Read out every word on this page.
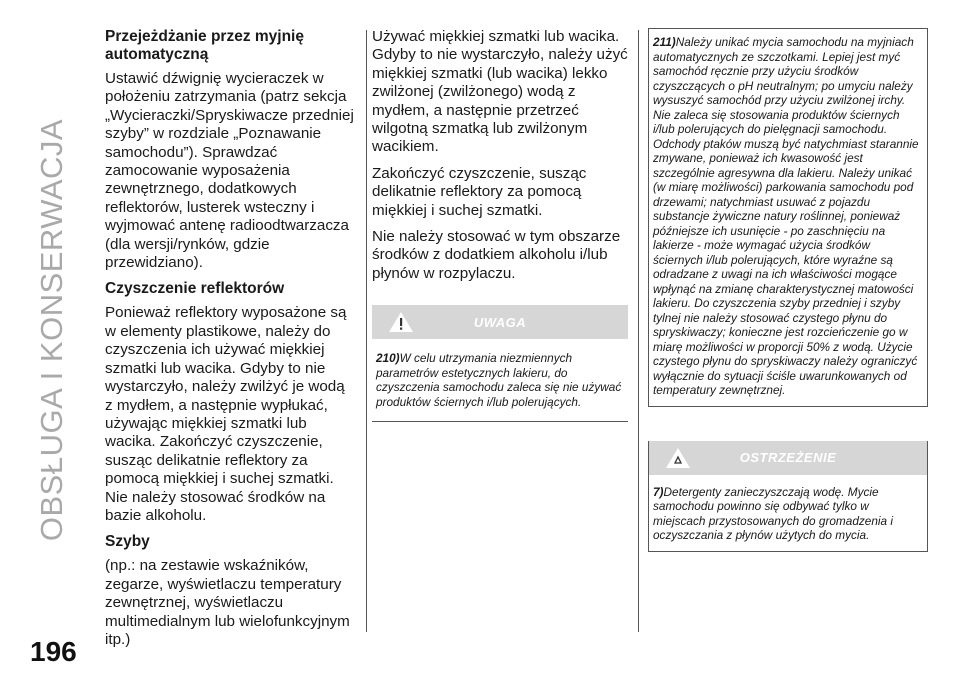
OBSŁUGA I KONSERWACJA
196
Przejeżdżanie przez myjnię automatyczną

Ustawić dźwignię wycieraczek w położeniu zatrzymania (patrz sekcja „Wycieraczki/Spryskiwacze przedniej szyby” w rozdziale „Poznawanie samochodu”). Sprawdzać zamocowanie wyposażenia zewnętrznego, dodatkowych reflektorów, lusterek wsteczny i wyjmować antenę radioodtwarzacza (dla wersji/rynków, gdzie przewidziano).

Czyszczenie reflektorów

Ponieważ reflektory wyposażone są w elementy plastikowe, należy do czyszczenia ich używać miękkiej szmatki lub wacika. Gdyby to nie wystarczyło, należy zwilżyć je wodą z mydłem, a następnie wypłukać, używając miękkiej szmatki lub wacika. Zakończyć czyszczenie, susząc delikatnie reflektory za pomocą miękkiej i suchej szmatki. Nie należy stosować środków na bazie alkoholu.

Szyby

(np.: na zestawie wskaźników, zegarze, wyświetlaczu temperatury zewnętrznej, wyświetlaczu multimedialnym lub wielofunkcyjnym itp.)

Używać miękkiej szmatki lub wacika. Gdyby to nie wystarczyło, należy użyć miękkiej szmatki (lub wacika) lekko zwilżonej (zwilżonego) wodą z mydłem, a następnie przetrzeć wilgotną szmatką lub zwilżonym wacikiem.

Zakończyć czyszczenie, susząc delikatnie reflektory za pomocą miękkiej i suchej szmatki.

Nie należy stosować w tym obszarze środków z dodatkiem alkoholu i/lub płynów w rozpylaczu.

UWAGA

210)W celu utrzymania niezmiennych parametrów estetycznych lakieru, do czyszczenia samochodu zaleca się nie używać produktów ściernych i/lub polerujących.

211)Należy unikać mycia samochodu na myjniach automatycznych ze szczotkami. Lepiej jest myć samochód ręcznie przy użyciu środków czyszczących o pH neutralnym; po umyciu należy wysuszyć samochód przy użyciu zwilżonej irchy. Nie zaleca się stosowania produktów ściernych i/lub polerujących do pielęgnacji samochodu. Odchody ptaków muszą być natychmiast starannie zmywane, ponieważ ich kwasowość jest szczególnie agresywna dla lakieru. Należy unikać (w miarę możliwości) parkowania samochodu pod drzewami; natychmiast usuwać z pojazdu substancje żywiczne natury roślinnej, ponieważ późniejsze ich usunięcie - po zaschnięciu na lakierze - może wymagać użycia środków ściernych i/lub polerujących, które wyraźne są odradzane z uwagi na ich właściwości mogące wpłynąć na zmianę charakterystycznej matowości lakieru. Do czyszczenia szyby przedniej i szyby tylnej nie należy stosować czystego płynu do spryskiwaczy; konieczne jest rozcieńczenie go w miarę możliwości w proporcji 50% z wodą. Użycie czystego płynu do spryskiwaczy należy ograniczyć wyłącznie do sytuacji ściśle uwarunkowanych od temperatury zewnętrznej.

OSTRZEŻENIE

7)Detergenty zanieczyszczają wodę. Mycie samochodu powinno się odbywać tylko w miejscach przystosowanych do gromadzenia i oczyszczania z płynów użytych do mycia.
